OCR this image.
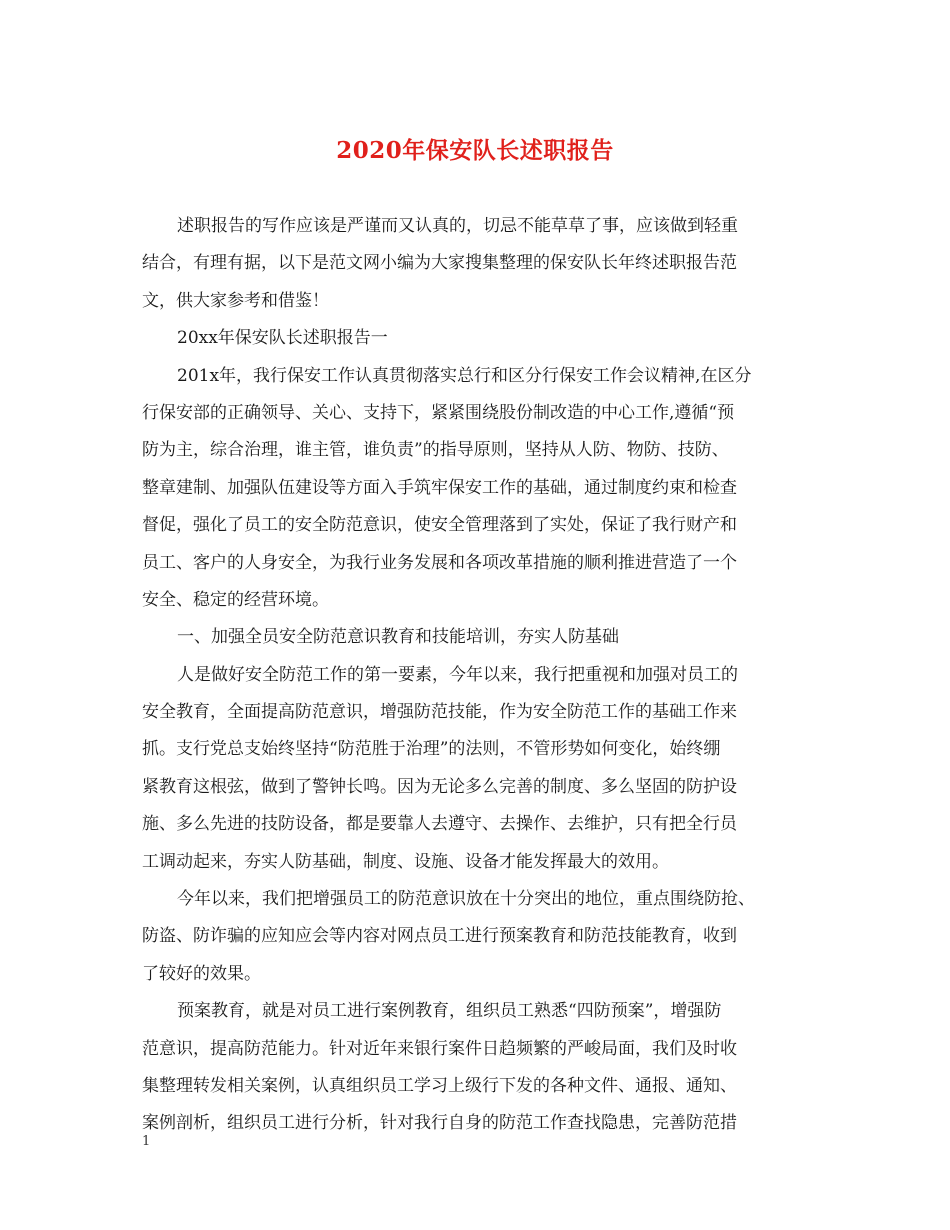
2020年保安队长述职报告
述职报告的写作应该是严谨而又认真的，切忌不能草草了事，应该做到轻重
结合，有理有据，以下是范文网小编为大家搜集整理的保安队长年终述职报告范
文，供大家参考和借鉴！
20xx年保安队长述职报告一
201x年，我行保安工作认真贯彻落实总行和区分行保安工作会议精神,在区分
行保安部的正确领导、关心、支持下，紧紧围绕股份制改造的中心工作,遵循“预
防为主，综合治理，谁主管，谁负责”的指导原则，坚持从人防、物防、技防、
整章建制、加强队伍建设等方面入手筑牢保安工作的基础，通过制度约束和检查
督促，强化了员工的安全防范意识，使安全管理落到了实处，保证了我行财产和
员工、客户的人身安全，为我行业务发展和各项改革措施的顺利推进营造了一个
安全、稳定的经营环境。
一、加强全员安全防范意识教育和技能培训，夯实人防基础
人是做好安全防范工作的第一要素，今年以来，我行把重视和加强对员工的
安全教育，全面提高防范意识，增强防范技能，作为安全防范工作的基础工作来
抓。支行党总支始终坚持“防范胜于治理”的法则，不管形势如何变化，始终绷
紧教育这根弦，做到了警钟长鸣。因为无论多么完善的制度、多么坚固的防护设
施、多么先进的技防设备，都是要靠人去遵守、去操作、去维护，只有把全行员
工调动起来，夯实人防基础，制度、设施、设备才能发挥最大的效用。
今年以来，我们把增强员工的防范意识放在十分突出的地位，重点围绕防抢、
防盗、防诈骗的应知应会等内容对网点员工进行预案教育和防范技能教育，收到
了较好的效果。
预案教育，就是对员工进行案例教育，组织员工熟悉“四防预案”，增强防
范意识，提高防范能力。针对近年来银行案件日趋频繁的严峻局面，我们及时收
集整理转发相关案例，认真组织员工学习上级行下发的各种文件、通报、通知、
案例剖析，组织员工进行分析，针对我行自身的防范工作查找隐患，完善防范措
1
